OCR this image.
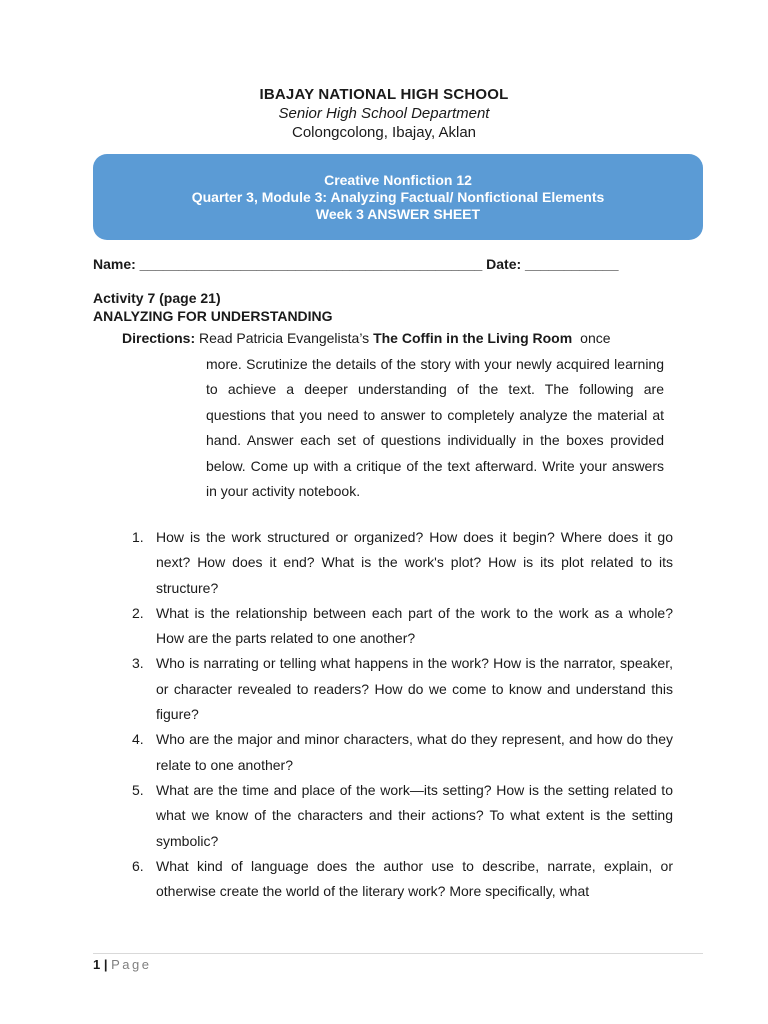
IBAJAY NATIONAL HIGH SCHOOL
Senior High School Department
Colongcolong, Ibajay, Aklan
Creative Nonfiction 12
Quarter 3, Module 3: Analyzing Factual/ Nonfictional Elements
Week 3 ANSWER SHEET
Name: ____________________________________________ Date: ____________
Activity 7 (page 21)
ANALYZING FOR UNDERSTANDING
Directions: Read Patricia Evangelista’s The Coffin in the Living Room once
more. Scrutinize the details of the story with your newly acquired learning to achieve a deeper understanding of the text. The following are questions that you need to answer to completely analyze the material at hand. Answer each set of questions individually in the boxes provided below. Come up with a critique of the text afterward. Write your answers in your activity notebook.
1. How is the work structured or organized? How does it begin? Where does it go next? How does it end? What is the work's plot? How is its plot related to its structure?
2. What is the relationship between each part of the work to the work as a whole? How are the parts related to one another?
3. Who is narrating or telling what happens in the work? How is the narrator, speaker, or character revealed to readers? How do we come to know and understand this figure?
4. Who are the major and minor characters, what do they represent, and how do they relate to one another?
5. What are the time and place of the work—its setting? How is the setting related to what we know of the characters and their actions? To what extent is the setting symbolic?
6. What kind of language does the author use to describe, narrate, explain, or otherwise create the world of the literary work? More specifically, what
1 | Page
